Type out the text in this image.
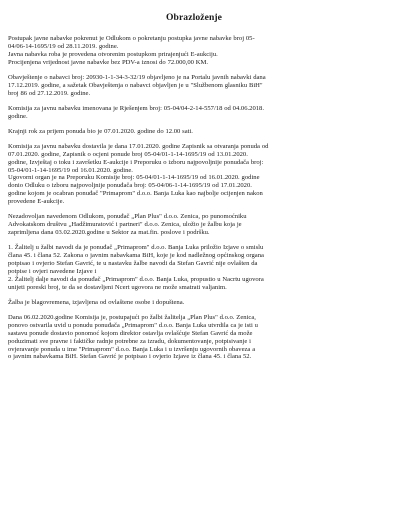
Obrazloženje
Postupak javne nabavke pokrenut je Odlukom o pokretanju postupka javne nabavke broj 05-
04/06-14-1695/19 od 28.11.2019. godine.
Javna nabavka roba je provedena otvorenim postupkom prirajenjući E-aukciju.
Procijenjena vrijednost javne nabavke bez PDV-a iznosi do 72.000,00 KM.
Obavještenje o nabavci broj: 20930-1-1-34-3-32/19 objavljeno je na Portalu javnih nabavki dana
17.12.2019. godine, a sažetak Obavještenja o nabavci objavljen je u "Službenom glasniku BiH"
broj 86 od 27.12.2019. godine.
Komisija za javnu nabavku imenovana je Rješenjem broj: 05-04/04-2-14-557/18 od 04.06.2018.
godine.
Krajnji rok za prijem ponuda bio je 07.01.2020. godine do 12.00 sati.
Komisija za javnu nabavku dostavila je dana 17.01.2020. godine Zapisnik sa otvaranja ponuda od
07.01.2020. godine, Zapisnik o ocjeni ponude broj 05-04/01-1-14-1695/19 od 13.01.2020.
godine, Izvještaj o toku i završetku E-aukcije i Preporuku o izboru najpovoljnije ponudača broj:
05-04/01-1-14-1695/19 od 16.01.2020. godine.
Ugovorni organ je na Preporuku Komisije broj: 05-04/01-1-14-1695/19 od 16.01.2020. godine
donio Odluku o izboru najpovoljnije ponuđača broj: 05-04/06-1-14-1695/19 od 17.01.2020.
godine kojom je ocabran ponuđač "Primaprom" d.o.o. Banja Luka kao najbolje ocijenjen nakon
provedene E-aukcije.
Nezadovoljan navedenom Odlukom, ponuđač „Plan Plus" d.o.o. Zenica, po punomoćniku
Advokatskom društvu „Hadžimuratović i partneri" d.o.o. Zenica, uložio je žalbu koja je
zaprimljena dana 03.02.2020.godine u Sektor za mat.fin. poslove i podršku.
1. Žalitelj u žalbi navodi da je ponuđač „Primaprom" d.o.o. Banja Luka priložio Izjave o smislu
člana 45. i člana 52. Zakona o javnim nabavkama BiH, koje je kod nadležnog općinskog organa
potpisao i ovjerio Stefan Gavrić, te u nastavku žalbe navodi da Stefan Gavrić nije ovlašten da
potpise i ovjeri navedene Izjave i
2. Žalitelj dalje navodi da ponuđač „Primaprom" d.o.o. Banja Luka, propustio u Nacrtu ugovora
unijeti poreski broj, te da se dostavljeni Ncert ugovora ne može smatrati valjanim.
Žalba je blagovremena, izjavljena od ovlaštene osobe i dopuštena.
Dana 06.02.2020.godine Komisija je, postupajući po žalbi žalitelja „Plan Plus" d.o.o. Zenica,
ponovo ostvarila uvid u ponudu ponuđača „Primaprom" d.o.o. Banja Luka utvrdila ca je isti u
sastavu ponude dostavio ponomoć kojom direktor ostavlja ovlašćuje Stefan Gavrić da može
poduzimati sve pravne i faktičke radnje potrebne za izradu, dokumentovanje, potpisivanje i
ovjeravanje ponuda u ime "Primaprom" d.o.o. Banja Luka i u izvršenju ugovornih obaveza a
o javnim nabavkama BiH. Stefan Gavrić je potpisao i ovjerio Izjave iz člana 45. i člana 52.
